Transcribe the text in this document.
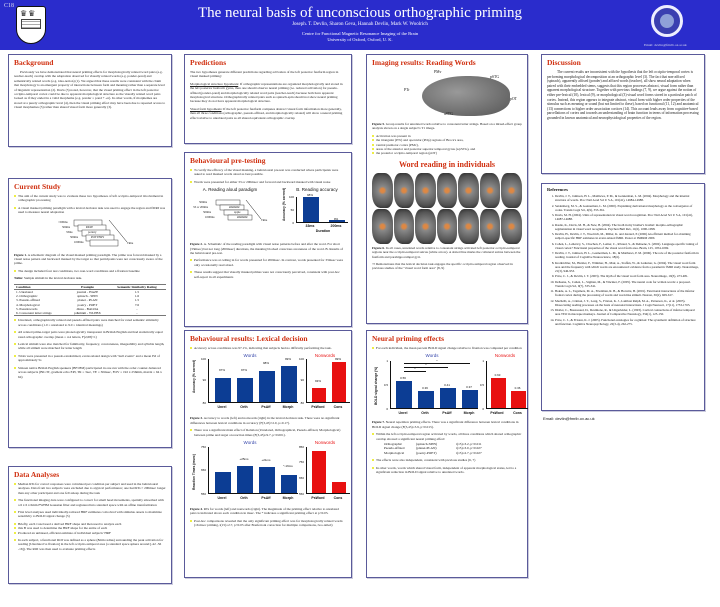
C18
♛♛	The neural basis of unconscious orthographic priming
Joseph. T. Devlin, Sharon Geva, Hannah Devlin, Mark W. Woolrich
Centre for Functional Magnetic Resonance Imaging of the Brain
University of Oxford, Oxford, U. K.
Email: devlin@fmrib.ox.ac.uk
Background

Previously we have demonstrated that neural priming effects for morphologically related word pairs (e.g. teacher-teach) overlap with the adaptation observed for visually related words (e.g. ponder-pond) and semantically related words (e.g. idea-notion) (1). We argued that these results were consistent with the claim that morphology is an emergent property of interactions between form and meaning rather than a separate level of linguistic representation (2). Davis (3) noted, however, that the visual priming effect in the left posterior occipito-temporal cortex could be due to apparent morphological structure as the visually related word pairs looked as if they ended in a valid morpheme (e.g. ponder = pond + -er). In other words, if morphemes are stored at a purely orthographic level (4), then the visual priming effect may have been due to repeated access to visual morphemes (3) rather than shared visual form more generally (3).

Current Study

The aim of the current study was to evaluate these two hypotheses of left occipito-temporal involvement in orthographic processing

A visual masked priming paradigm with a lexical decision task was used to engage the region and fMRI was used to measure neural adaptation

~500ms
500ms
33ms
500ms
1000ms
PASE
pottery
POTTERY
Time

Figure 1. A schematic diagram of the visual masked priming paradigm. The prime was forward masked by a visual noise pattern and backward masked by the target so that participants were not consciously aware of the prime.

The design included four test conditions, two non-word conditions and a fixation baseline

Table: Sample stimuli in the lexical decision task.

Condition	Example	Semantic Similarity Rating
1. Unrelated	journal - HAZE	1.5
2. Orthographic	spinach - SPIN	1.6
3. Pseudo-affixed	planet - PLAN	1.5
4. Morphological	poetry - POET	7.6
5. Pseudowords	dinsa - BALDA	-
6. Consonant letter strings	pdkmnm - WLPBX	-

Unrelated, orthographically related and pseudo-affixed pairs were matched for rated semantic similarity across conditions (1.0 = unrelated to 9.0 = identical meanings)

All related prime-target pairs were phonologically transparent in British English and had statistically equal rated orthographic overlap (mean = 4.4 letters, F(2,68)<1)

Lexical stimuli were also matched for familiarity, frequency, concreteness, imageability and syllable length, while all stimuli were matched for letter length

Trials were presented in a pseudo-randomized, event-related design with "null events" and a mean ISI of approximately 5s

Sixteen native British English speakers (BF:J8M) participated in one run with the order counter-balanced across subjects (B0=3T, gradient echo EPI, TR = 3sec, TE = 30msec, FOV = 192 x 256mm, matrix = 64 x 64)

Data Analyses

Median RTs for correct responses were calculated per condition per subject and used in the behavioural analyses. Data from two subjects were excluded due to atypical performance; one had RTs > 200msec longer than any other participant and one fell asleep during the task

The functional imaging data were configured to correct for small head movements, spatially smoothed with a 6 x 6 x 6mm FWHM Gaussian filter and registered into standard space with an affine transformation

First level analyses used individually-tailored HRF estimates convolved with stimulus onsets to maximize sensitivity to BOLD signal change (5)

Briefly, each voxel used a derived HRF shape and then used to analyze each

this B was used to determine the HRF shape for the entire of each

Produced an unbiased, efficient estimate of individual subjects' HRF

In each subject, a functional ROI was defined as a sphere (8mm radius) surrounding the peak activation for reading [Unrelated vs fixation] in the left occipito-temporal area (a standard space sphere around [-42 -56 -16]). The ROI was then used to evaluate priming effects

Predictions

The two hypotheses generate different predictions regarding activation of the left posterior fusiform region in visual masked priming:

Morphological structure hypothesis: If orthographic representations are organized morphologically and stored in the left posterior fusiform gyrus, then one should observe neural priming (i.e. reduced activation) for pseudo-affixed (ponder-pond) and morphologically related word pairs (teacher-teach) because both have apparent morphological structure. Orthographically related pairs such as spinach-spin should not show neural priming because they do not have apparent morphological structure.

Visual form hypothesis: If the left posterior fusiform computes abstract visual form information more generally, then all three conditions (orthographic, pseudo-affixed, and morphologically related) will show a neural priming effect relative to unrelated pairs as all shared equivalent orthographic overlap

Behavioural pre-testing

To verify the efficacy of the visual masking, a behavioural pre-test was conducted where participants were asked to read masked words aloud as best possible.

Words were presented for either 33 or 200msec and forward and backward masked with visual noise

A. Reading aloud paradigm
500ms
33 or 200ms
500ms
1000ms
#######
apple
#######
Time
B. Reading accuracy
Accuracy (% correct) 100
50
0
98%
9%
33ms	200ms
Duration

Figure 2. A. Schematic of the reading paradigm with visual noise patterns before and after the word. For short (33msec) but not long (200msec) durations, the masking blocked conscious awareness of the word. B. Results of the behavioural pre-test.

Performance was at ceiling in for words presented for 200msec. In contrast, words presented for 33msec were only occasionally read aloud.

These results suggest that visually masked primes were not consciously perceived, consistent with post-hoc self-report in all experiments

Behavioural results: Lexical decision

Accuracy across conditions was 97.1%, indicating that subjects had no difficulty performing the task.

Words
Accuracy (% correct)
100
90
80
97%	97%
98%
99%
Unrel	Orth	PsAff	Morph
Nonwords
100
90
80
93%
99%
PsWord	Cons

Figure 3. Accuracy to words (left) and nonwords (right) in the lexical decision task. There were no significant differences between lexical conditions in accuracy (F(3,45)<2.0, p=0.17).

There was a significant main effect of Relation (Unrelated, Orthographical, Pseudo-affixed, Morphological) between prime and target on reaction times (F(3,45)=9.7, p<0.001).

Words
Reaction Times (msec)
750
650
550
+25ms	+21ms
*-16ms
Unrel	Orth	PsAff	Morph
Nonwords
850
750
650
550
PsWord	Cons

Figure 4. RTs for words (left) and nonwords (right). The magnitude of the priming effect relative to unrelated pairs is indicated above each condition in msec. The * indicates a significant priming effect at p<0.05.

Post-hoc comparisons revealed that the only significant priming effect was for morphologically related words (16 msec priming, t(15)=2.7, p<0.05 after Bonferroni correction for multiple comparisons, two-tailed)

Imaging results: Reading Words
PMv
pSTG
PTr
pOT
aSTG

Figure 5. Group results for unrelated words relative to consonant letter strings. Based on a mixed-effect group analysis shown on a single subject's T1 image.

Activation was present in

the triangular (PTr) and opercular (POp) regions of Broca's area,

ventral premotor cortex (PMv),

areas of the anterior and posterior superior temporal gyrus (a/pSTG), and

the posterior occipito-temporal region (pOT)

Word reading in individuals

Figure 6. In all cases, unrelated words relative to consonant strings activated left posterior occipito-temporal regions near the occipito-temporal sulcus (white arrow). A dotted line marks the collateral sulcus between the fusiform and parahippocampal gyri.

⇒ Demonstrates that the lexical decision task engages the specific occipito-temporal region observed in previous studies of the "visual word form area" (8, 9)

Neural priming effects

For each individual, the mean percent BOLD signal change relative to fixation was computed per condition

Words
BOLD signal change (%)
1
0.5
0
*
*
*
0.56
0.36
0.41	0.37
Unrel	Orth	PsAff	Morph
Nonwords
1
0.5
0
0.63
0.36
PsWord	Cons

Figure 7. Neural repetition priming effects. There was a significant difference between lexical conditions in BOLD signal change (F(3,45)=3.9, p<0.015).

Within the left occipito-temporal region activated by words, all three conditions which shared orthographic overlap showed a significant neural priming effect:

Orthographic	(spinach-SPIN)	t(15)=3.2, p<0.011
Pseudo-affixed	(planet-PLAN)	t(15)=3.0, p<0.027
Morphological	(poetry-POET)	t(15)=2.7, p<0.027

The effects were also independent, consistent with previous studies (6, 7)

In other words, words which shared visual form, independent of apparent morphological status, led to a significant reduction in BOLD signal relative to unrelated words.

Discussion

The current results are inconsistent with the hypothesis that the left occipito-temporal cortex is performing morphological decomposition at an orthographic level (3). The fact that non-affixed (spinach), apparently affixed (ponder) and affixed words (teacher), all show neural adaptation when paired with their embedded stems, suggests that this region processes abstract, visual form rather than apparent morphological structure. Together with previous findings (7, 9), we argue against the notion of either pre-lexical (10), lexical (9), or morphological (3) visual word forms stored in a particular patch of cortex. Instead, this region appears to integrate abstract, visual form with higher order properties of the stimulus such as meaning or sound (but not limited to these), based on functional (11, 12) and anatomical (13) connections to higher order association cortices (14). This account leads away from cognitive-based parcellations of cortex and towards an understanding of brain function in terms of information processing grounded in known anatomical and neurophysiological properties of the region.

References
1. Devlin, J. T., Jamison, H. L., Matthews, P. M., & Gonnerman, L. M. (2004). Morphology and the internal structure of words. Proc Natl Acad Sci U S A, 101(41), 14984-14988.
2. Seidenberg, M. S., & Gonnerman, L. M. (2000). Explaining derivational morphology as the convergence of codes. Trends Cogn Sci, 4(9), 353-361.
3. Davis, M. H. (2004). Units of representation in visual word recognition. Proc Natl Acad Sci U S A, 101(41), 14687-14688.
4. Rastle, K., Davis, M. H., & New, B. (2004). The broth in my brother's brothel: morpho-orthographic segmentation in visual word recognition. Psychon Bull Rev, 11(6), 1090-1098.
5. Devlin, H., Devlin, J. T., Woolrich, M., Miller, K. and Jezzard, P. (2006) An efficient method for obtaining subject-specific HRF estimates in event-related fMRI. Poster at ISMRM 2006
6. Cohen, L., Lehericy, S., Chochon, F., Lemer, C., Rivaud, S., & Dehaene, S. (2002). Language-specific tuning of visual cortex? Functional properties of the visual word form area. Brain, 125, 1054-1069.
7. Devlin, J. T., Jamison, H. L., Gonnerman, L. M., & Matthews, P. M. (2006). The role of the posterior fusiform in reading. Journal of Cognitive Neuroscience, 18(6).
8. Kronbichler, M., Hutzler, F., Wimmer, H., Mair, A., Staffen, W., & Ladurner, G. (2004). The visual word form area and the frequency with which words are encountered: evidence from a parametric fMRI study. Neuroimage, 21(3), 946-953.
9. Price, C. J., & Devlin, J. T. (2003). The myth of the visual word form area. Neuroimage, 19(3), 473-481.
10. Dehaene, S., Cohen, L., Sigman, M., & Vinckier, F. (2005). The neural code for written words: a proposal. Trends Cogn Sci, 9(7), 335-341.
11. Bokde, A. L., Tagamets, M. A., Friedman, R. B., & Horwitz, B. (2001). Functional interactions of the inferior frontal cortex during the processing of words and word-like stimuli. Neuron, 30(2), 609-617.
12. Mechelli, A., Crinion, J. T., Long, S., Friston, K. J., Lambon Ralph, M. A., Patterson, K., et al. (2005). Dissociating reading processes on the basis of neuronal interactions. J Cogn Neurosci, 17(11), 1753-1765.
13. Distler, C., Boussaoud, D., Desimone, R., & Ungerleider, L. (1993). Cortical connections of inferior temporal area TEO in macaque monkeys. Journal of Comparative Neurology, 334(1), 125-150.
14. Price, C. J., & Friston, K. J. (2005). Functional ontologies for cognition: The systematic definition of structure and function. Cognitive Neuropsychology, 22(3-4), 262-275.
Email: devlin@fmrib.ox.ac.uk
